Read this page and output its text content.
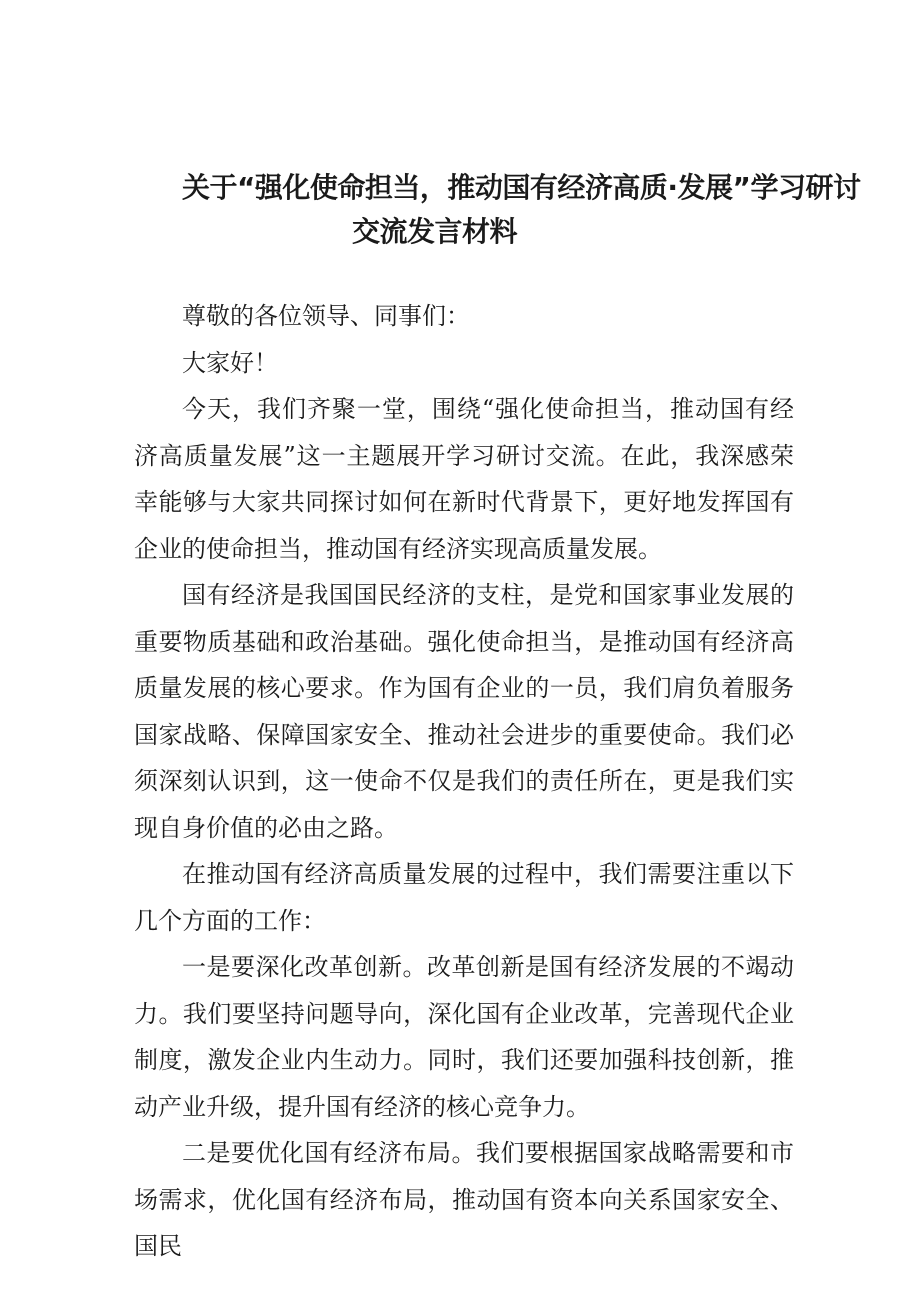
关于“强化使命担当，推动国有经济高质·发展”学习研讨
交流发言材料

尊敬的各位领导、同事们：

大家好！

今天，我们齐聚一堂，围绕“强化使命担当，推动国有经济高质量发展”这一主题展开学习研讨交流。在此，我深感荣幸能够与大家共同探讨如何在新时代背景下，更好地发挥国有企业的使命担当，推动国有经济实现高质量发展。

国有经济是我国国民经济的支柱，是党和国家事业发展的重要物质基础和政治基础。强化使命担当，是推动国有经济高质量发展的核心要求。作为国有企业的一员，我们肩负着服务国家战略、保障国家安全、推动社会进步的重要使命。我们必须深刻认识到，这一使命不仅是我们的责任所在，更是我们实现自身价值的必由之路。

在推动国有经济高质量发展的过程中，我们需要注重以下几个方面的工作：

一是要深化改革创新。改革创新是国有经济发展的不竭动力。我们要坚持问题导向，深化国有企业改革，完善现代企业制度，激发企业内生动力。同时，我们还要加强科技创新，推动产业升级，提升国有经济的核心竞争力。

二是要优化国有经济布局。我们要根据国家战略需要和市场需求，优化国有经济布局，推动国有资本向关系国家安全、国民
